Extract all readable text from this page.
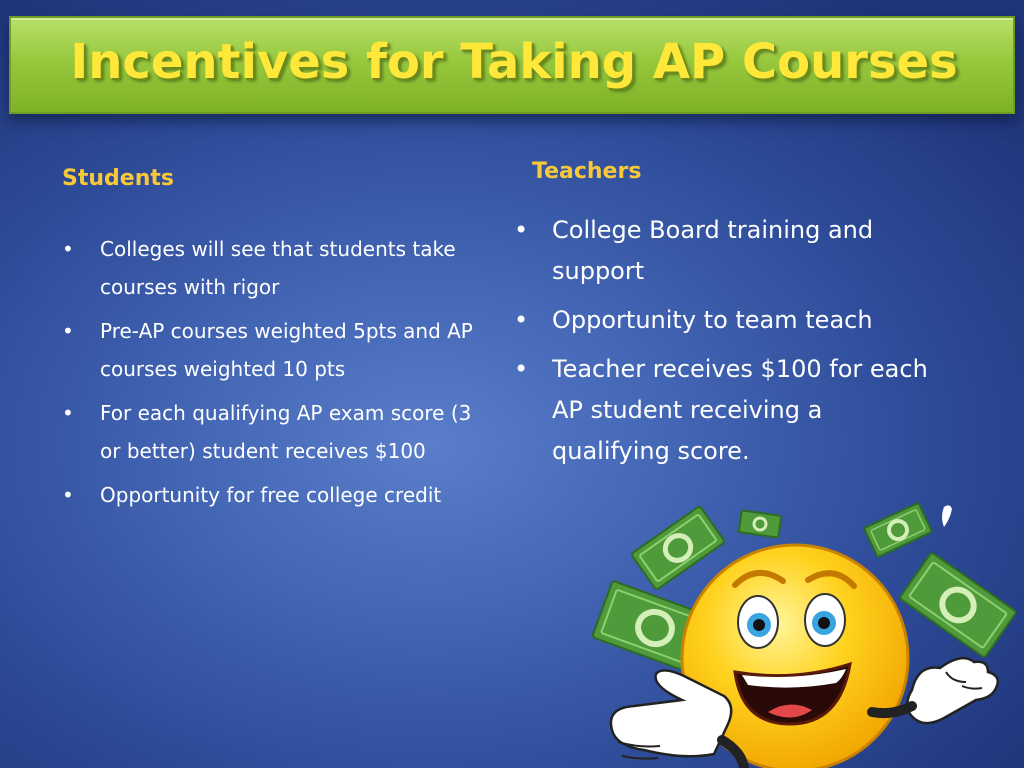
Incentives for Taking AP Courses
Students	Teachers
• Colleges will see that students take courses with rigor
• Pre-AP courses weighted 5pts and AP courses weighted 10 pts
• For each qualifying AP exam score (3 or better) student receives $100
• Opportunity for free college credit
• College Board training and support
• Opportunity to team teach
• Teacher receives $100 for each AP student receiving a qualifying score.
